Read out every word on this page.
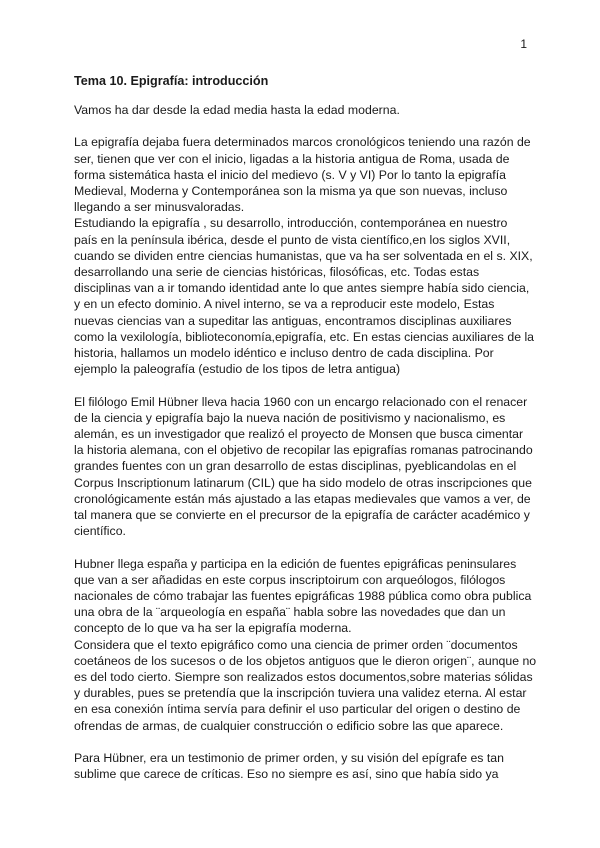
1
Tema 10. Epigrafía: introducción
Vamos ha dar desde la edad media hasta la edad moderna.
La epigrafía dejaba fuera determinados marcos cronológicos teniendo una razón de
ser, tienen que ver con el inicio, ligadas a la historia antigua de Roma, usada de
forma sistemática hasta el inicio del medievo (s. V y VI) Por lo tanto la epigrafía
Medieval, Moderna y Contemporánea son la misma ya que son nuevas, incluso
llegando a ser minusvaloradas.
Estudiando la epigrafía , su desarrollo, introducción, contemporánea en nuestro
país en la península ibérica, desde el punto de vista científico,en los siglos XVII,
cuando se dividen entre ciencias humanistas, que va ha ser solventada en el s. XIX,
desarrollando una serie de ciencias históricas, filosóficas, etc. Todas estas
disciplinas van a ir tomando identidad ante lo que antes siempre había sido ciencia,
y en un efecto dominio. A nivel interno, se va a reproducir este modelo, Estas
nuevas ciencias van a supeditar las antiguas, encontramos disciplinas auxiliares
como la vexilología, biblioteconomía,epigrafía, etc. En estas ciencias auxiliares de la
historia, hallamos un modelo idéntico e incluso dentro de cada disciplina. Por
ejemplo la paleografía (estudio de los tipos de letra antigua)
El filólogo Emil Hübner lleva hacia 1960 con un encargo relacionado con el renacer
de la ciencia y epigrafía bajo la nueva nación de positivismo y nacionalismo, es
alemán, es un investigador que realizó el proyecto de Monsen que busca cimentar
la historia alemana, con el objetivo de recopilar las epigrafías romanas patrocinando
grandes fuentes con un gran desarrollo de estas disciplinas, pyeblicandolas en el
Corpus Inscriptionum latinarum (CIL) que ha sido modelo de otras inscripciones que
cronológicamente están más ajustado a las etapas medievales que vamos a ver, de
tal manera que se convierte en el precursor de la epigrafía de carácter académico y
científico.
Hubner llega españa y participa en la edición de fuentes epigráficas peninsulares
que van a ser añadidas en este corpus inscriptoirum con arqueólogos, filólogos
nacionales de cómo trabajar las fuentes epigráficas 1988 pública como obra publica
una obra de la ¨arqueología en españa¨ habla sobre las novedades que dan un
concepto de lo que va ha ser la epigrafía moderna.
Considera que el texto epigráfico como una ciencia de primer orden ¨documentos
coetáneos de los sucesos o de los objetos antiguos que le dieron origen¨, aunque no
es del todo cierto. Siempre son realizados estos documentos,sobre materias sólidas
y durables, pues se pretendía que la inscripción tuviera una validez eterna. Al estar
en esa conexión íntima servía para definir el uso particular del origen o destino de
ofrendas de armas, de cualquier construcción o edificio sobre las que aparece.
Para Hübner, era un testimonio de primer orden, y su visión del epígrafe es tan
sublime que carece de críticas. Eso no siempre es así, sino que había sido ya
